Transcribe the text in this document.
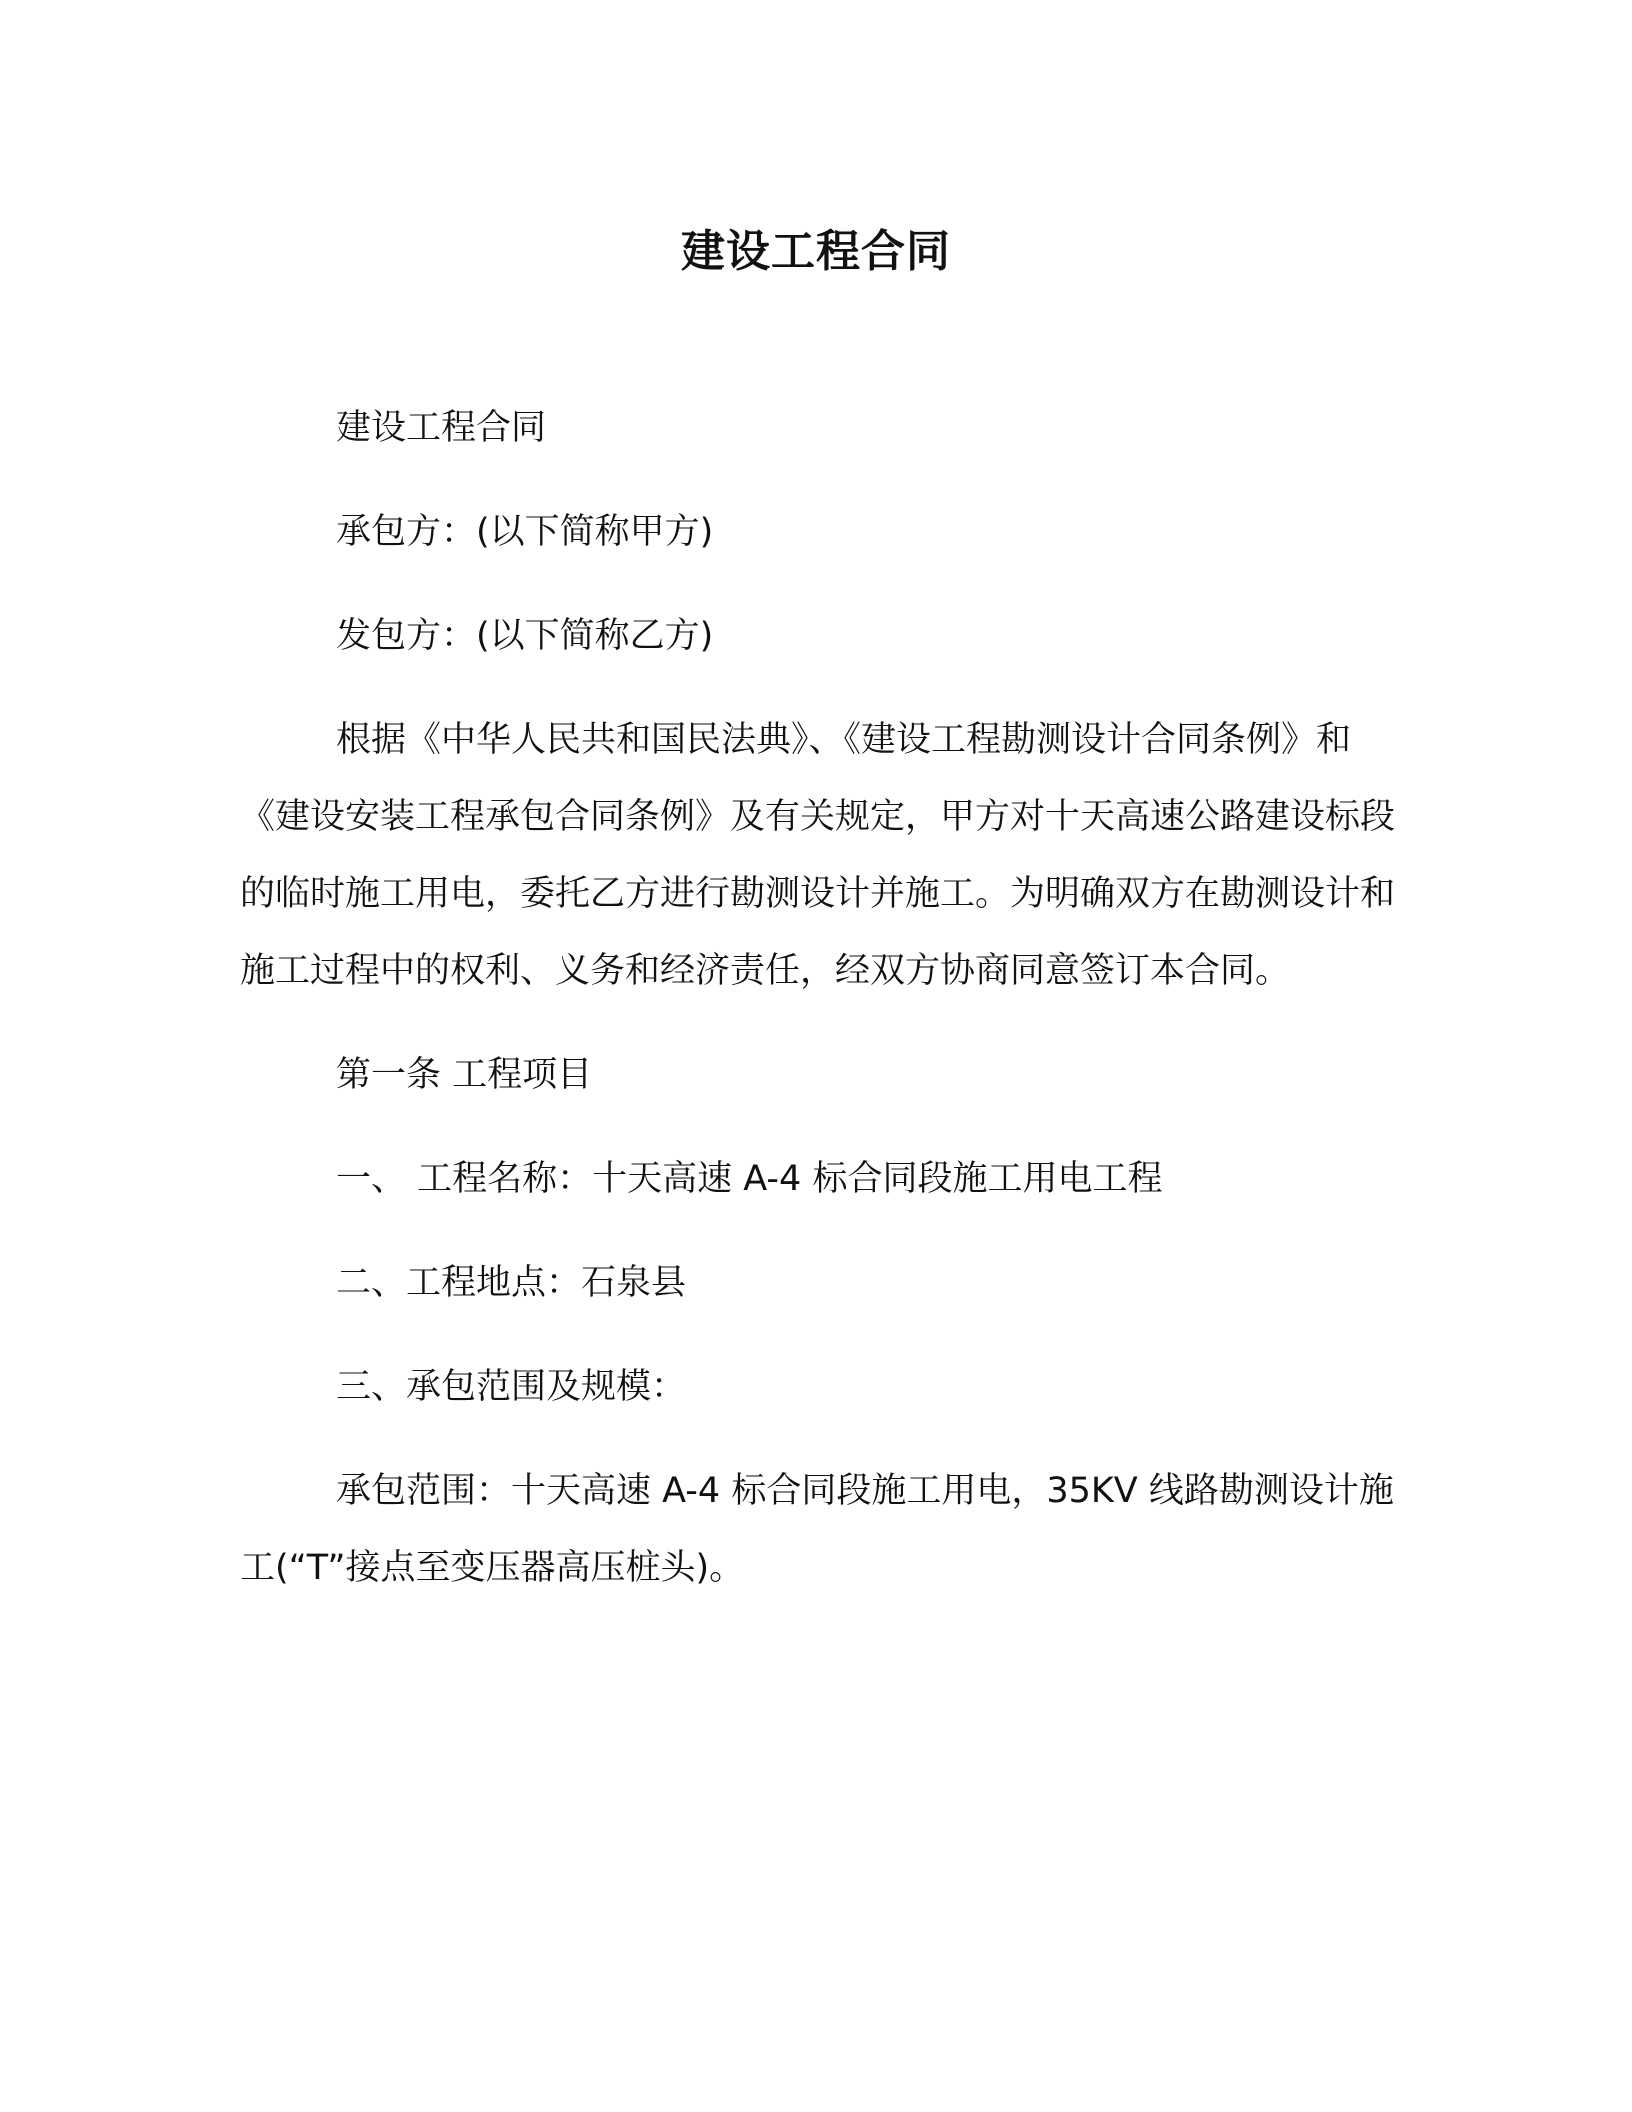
建设工程合同

建设工程合同

承包方：(以下简称甲方)

发包方：(以下简称乙方)

根据《中华人民共和国民法典》、《建设工程勘测设计合同条例》和《建设安装工程承包合同条例》及有关规定，甲方对十天高速公路建设标段的临时施工用电，委托乙方进行勘测设计并施工。为明确双方在勘测设计和施工过程中的权利、义务和经济责任，经双方协商同意签订本合同。

第一条 工程项目

一、 工程名称：十天高速 A-4 标合同段施工用电工程

二、工程地点：石泉县

三、承包范围及规模：

承包范围：十天高速 A-4 标合同段施工用电，35KV 线路勘测设计施工(“T”接点至变压器高压桩头)。
